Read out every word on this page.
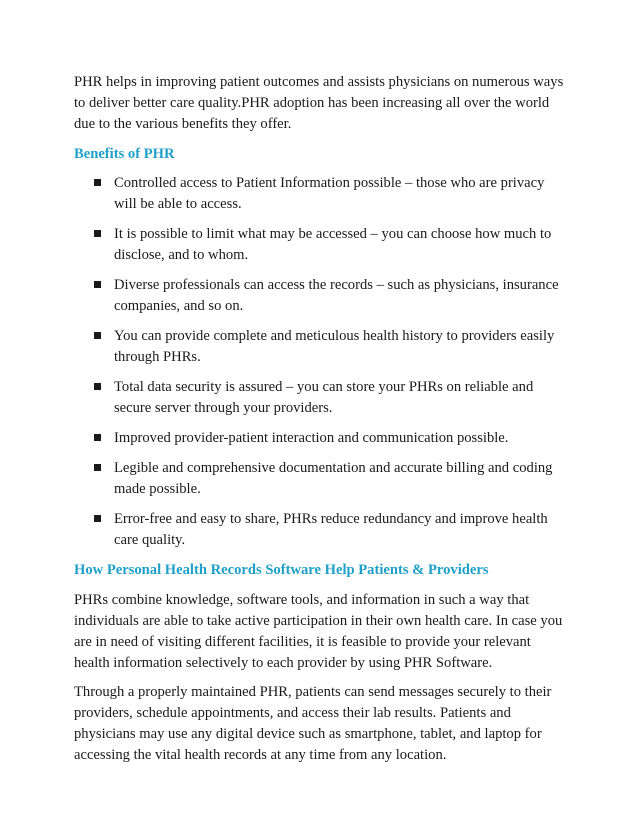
PHR helps in improving patient outcomes and assists physicians on numerous ways to deliver better care quality.PHR adoption has been increasing all over the world due to the various benefits they offer.

Benefits of PHR

Controlled access to Patient Information possible – those who are privacy will be able to access.
It is possible to limit what may be accessed – you can choose how much to disclose, and to whom.
Diverse professionals can access the records – such as physicians, insurance companies, and so on.
You can provide complete and meticulous health history to providers easily through PHRs.
Total data security is assured – you can store your PHRs on reliable and secure server through your providers.
Improved provider-patient interaction and communication possible.
Legible and comprehensive documentation and accurate billing and coding made possible.
Error-free and easy to share, PHRs reduce redundancy and improve health care quality.

How Personal Health Records Software Help Patients & Providers

PHRs combine knowledge, software tools, and information in such a way that individuals are able to take active participation in their own health care. In case you are in need of visiting different facilities, it is feasible to provide your relevant health information selectively to each provider by using PHR Software.

Through a properly maintained PHR, patients can send messages securely to their providers, schedule appointments, and access their lab results. Patients and physicians may use any digital device such as smartphone, tablet, and laptop for accessing the vital health records at any time from any location.
